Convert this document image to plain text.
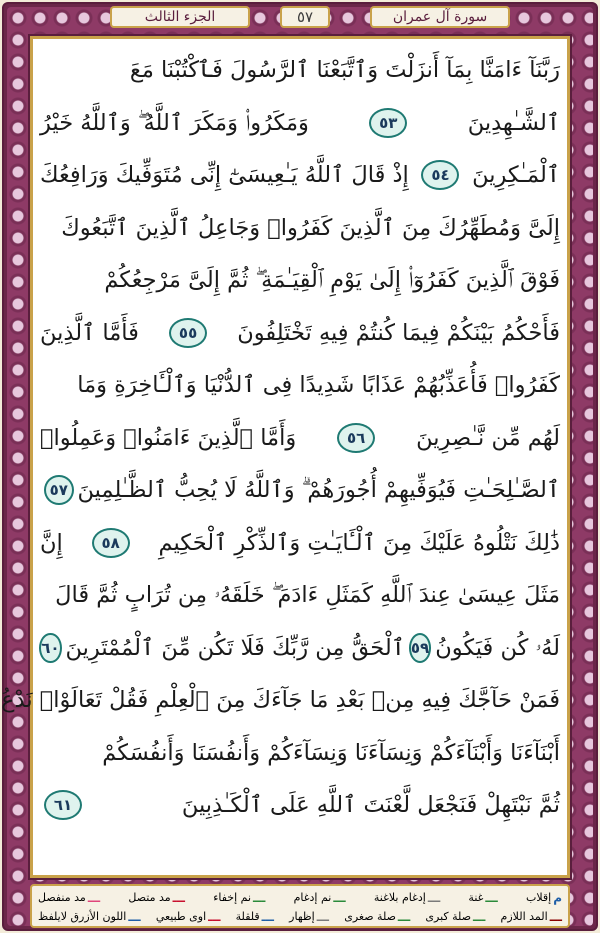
سورة آل عمران
٥٧
الجزء الثالث
رَبَّنَآ ءَامَنَّا بِمَآ أَنزَلْتَ وَٱتَّبَعْنَا ٱلرَّسُولَ فَٱكْتُبْنَا مَعَ
ٱلشَّـٰهِدِينَ
٥٣
وَمَكَرُوا۟ وَمَكَرَ ٱللَّهُ ۖ وَٱللَّهُ خَيْرُ
ٱلْمَـٰكِرِينَ
٥٤
إِذْ قَالَ ٱللَّهُ يَـٰعِيسَىٰٓ إِنِّى مُتَوَفِّيكَ وَرَافِعُكَ
إِلَىَّ وَمُطَهِّرُكَ مِنَ ٱلَّذِينَ كَفَرُوا۟ وَجَاعِلُ ٱلَّذِينَ ٱتَّبَعُوكَ
فَوْقَ ٱلَّذِينَ كَفَرُوٓا۟ إِلَىٰ يَوْمِ ٱلْقِيَـٰمَةِ ۖ ثُمَّ إِلَىَّ مَرْجِعُكُمْ
فَأَحْكُمُ بَيْنَكُمْ فِيمَا كُنتُمْ فِيهِ تَخْتَلِفُونَ
٥٥
فَأَمَّا ٱلَّذِينَ
كَفَرُوا۟ فَأُعَذِّبُهُمْ عَذَابًا شَدِيدًا فِى ٱلدُّنْيَا وَٱلْـَٔاخِرَةِ وَمَا
لَهُم مِّن نَّـٰصِرِينَ
٥٦
وَأَمَّا ٱلَّذِينَ ءَامَنُوا۟ وَعَمِلُوا۟
ٱلصَّـٰلِحَـٰتِ فَيُوَفِّيهِمْ أُجُورَهُمْ ۗ وَٱللَّهُ لَا يُحِبُّ ٱلظَّـٰلِمِينَ
٥٧
ذَٰلِكَ نَتْلُوهُ عَلَيْكَ مِنَ ٱلْـَٔايَـٰتِ وَٱلذِّكْرِ ٱلْحَكِيمِ
٥٨
إِنَّ
مَثَلَ عِيسَىٰ عِندَ ٱللَّهِ كَمَثَلِ ءَادَمَ ۖ خَلَقَهُۥ مِن تُرَابٍ ثُمَّ قَالَ
لَهُۥ كُن فَيَكُونُ
٥٩
ٱلْحَقُّ مِن رَّبِّكَ فَلَا تَكُن مِّنَ ٱلْمُمْتَرِينَ
٦٠
فَمَنْ حَآجَّكَ فِيهِ مِنۢ بَعْدِ مَا جَآءَكَ مِنَ ٱلْعِلْمِ فَقُلْ تَعَالَوْا۟ نَدْعُ
أَبْنَآءَنَا وَأَبْنَآءَكُمْ وَنِسَآءَنَا وَنِسَآءَكُمْ وَأَنفُسَنَا وَأَنفُسَكُمْ
ثُمَّ نَبْتَهِلْ فَنَجْعَل لَّعْنَتَ ٱللَّهِ عَلَى ٱلْكَـٰذِبِينَ
٦١
م
إقلاب
ـــ
غنة
ـــ
إدغام بلاغنة
ـــ
نم إدغام
ـــ
نم إخفاء
ـــ
مد متصل
ـــ
مد منفصل
ـــ
المد اللازم
ـــ
صلة كبرى
ـــ
صلة صغرى
ـــ
إظهار
ـــ
قلقلة
ـــ
اوى طبيعي
ـــ
اللون الأزرق لايلفظ
